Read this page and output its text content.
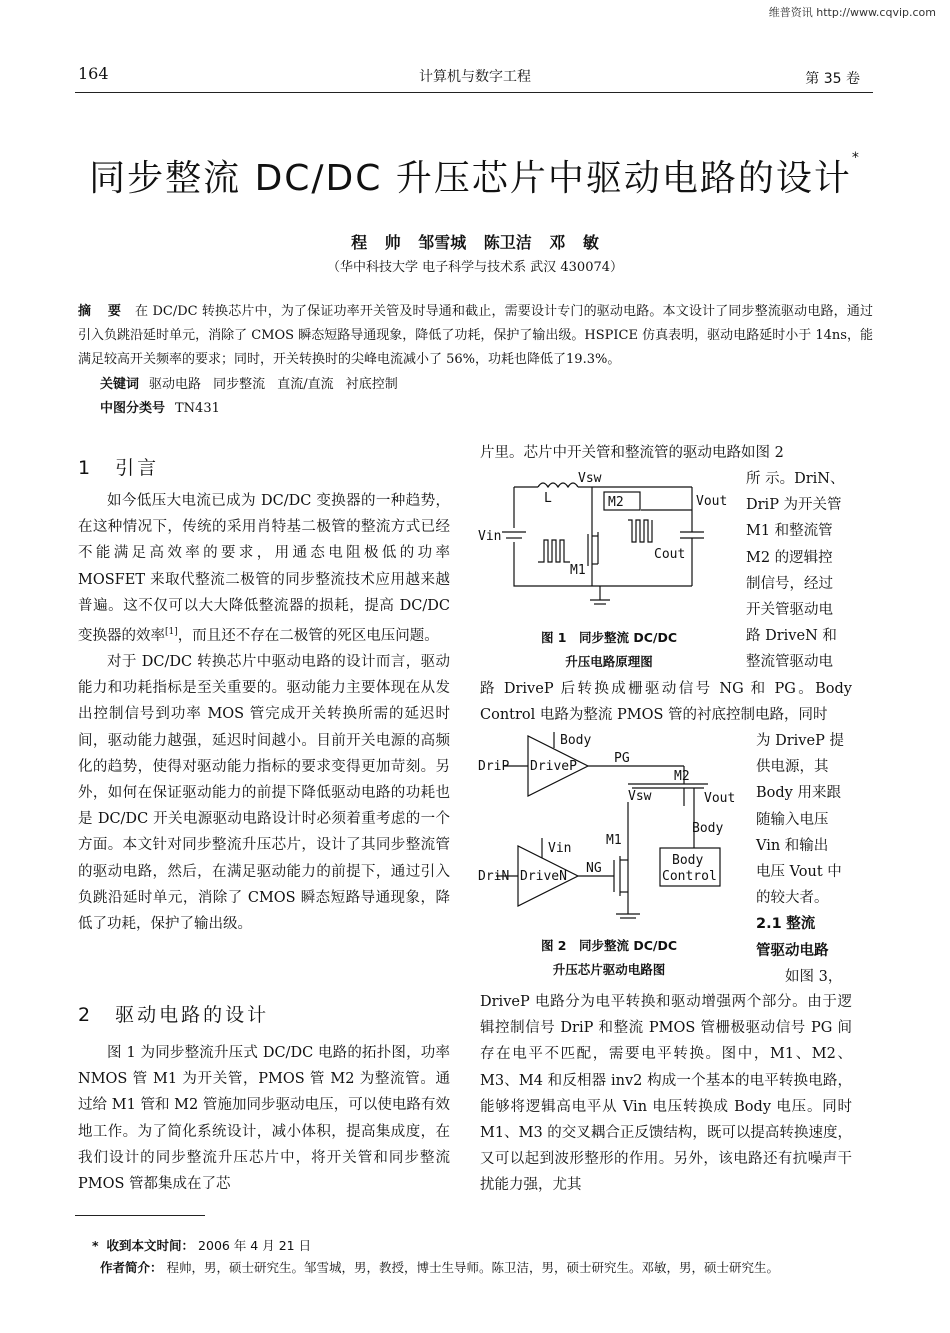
维普资讯 http://www.cqvip.com
164	计算机与数字工程	第 35 卷
同步整流 DC/DC 升压芯片中驱动电路的设计*
程 帅 邹雪城 陈卫洁 邓 敏
（华中科技大学 电子科学与技术系 武汉 430074）
摘 要 在 DC/DC 转换芯片中，为了保证功率开关管及时导通和截止，需要设计专门的驱动电路。本文设计了同步整流驱动电路，通过引入负跳沿延时单元，消除了 CMOS 瞬态短路导通现象，降低了功耗，保护了输出级。HSPICE 仿真表明，驱动电路延时小于 14ns，能满足较高开关频率的要求；同时，开关转换时的尖峰电流减小了 56%，功耗也降低了19.3%。
关键词 驱动电路 同步整流 直流/直流 衬底控制
中图分类号 TN431
1 引言

如今低压大电流已成为 DC/DC 变换器的一种趋势，在这种情况下，传统的采用肖特基二极管的整流方式已经不能满足高效率的要求，用通态电阻极低的功率 MOSFET 来取代整流二极管的同步整流技术应用越来越普遍。这不仅可以大大降低整流器的损耗，提高 DC/DC 变换器的效率[1]，而且还不存在二极管的死区电压问题。

对于 DC/DC 转换芯片中驱动电路的设计而言，驱动能力和功耗指标是至关重要的。驱动能力主要体现在从发出控制信号到功率 MOS 管完成开关转换所需的延迟时间，驱动能力越强，延迟时间越小。目前开关电源的高频化的趋势，使得对驱动能力指标的要求变得更加苛刻。另外，如何在保证驱动能力的前提下降低驱动电路的功耗也是 DC/DC 开关电源驱动电路设计时必须着重考虑的一个方面。本文针对同步整流升压芯片，设计了其同步整流管的驱动电路，然后，在满足驱动能力的前提下，通过引入负跳沿延时单元，消除了 CMOS 瞬态短路导通现象，降低了功耗，保护了输出级。

2 驱动电路的设计

图 1 为同步整流升压式 DC/DC 电路的拓扑图，功率 NMOS 管 M1 为开关管，PMOS 管 M2 为整流管。通过给 M1 管和 M2 管施加同步驱动电压，可以使电路有效地工作。为了简化系统设计，减小体积，提高集成度，在我们设计的同步整流升压芯片中，将开关管和同步整流 PMOS 管都集成在了芯

片里。芯片中开关管和整流管的驱动电路如图 2
Vsw
L	M2	Vout
Vin
M1
Cout
图 1　同步整流 DC/DC
升压电路原理图
所 示。DriN、
DriP 为开关管
M1 和整流管
M2 的逻辑控
制信号，经过
开关管驱动电
路 DriveN 和
整流管驱动电
路 DriveP 后转换成栅驱动信号 NG 和 PG。Body Control 电路为整流 PMOS 管的衬底控制电路，同时
Body
DriP DriveP
PG
M2
Vsw	Vout
Body
Vin
M1
NG
Body
Control
DriN DriveN
图 2　同步整流 DC/DC
升压芯片驱动电路图
为 DriveP 提
供电源，其
Body 用来跟
随输入电压
Vin 和输出
电压 Vout 中
的较大者。
2.1 整流
管驱动电路
如图 3，
DriveP 电路分为电平转换和驱动增强两个部分。由于逻辑控制信号 DriP 和整流 PMOS 管栅极驱动信号 PG 间存在电平不匹配，需要电平转换。图中，M1、M2、M3、M4 和反相器 inv2 构成一个基本的电平转换电路，能够将逻辑高电平从 Vin 电压转换成 Body 电压。同时 M1、M3 的交叉耦合正反馈结构，既可以提高转换速度，又可以起到波形整形的作用。另外，该电路还有抗噪声干扰能力强，尤其
* 收到本文时间： 2006 年 4 月 21 日
作者简介： 程帅，男，硕士研究生。邹雪城，男，教授，博士生导师。陈卫洁，男，硕士研究生。邓敏，男，硕士研究生。
